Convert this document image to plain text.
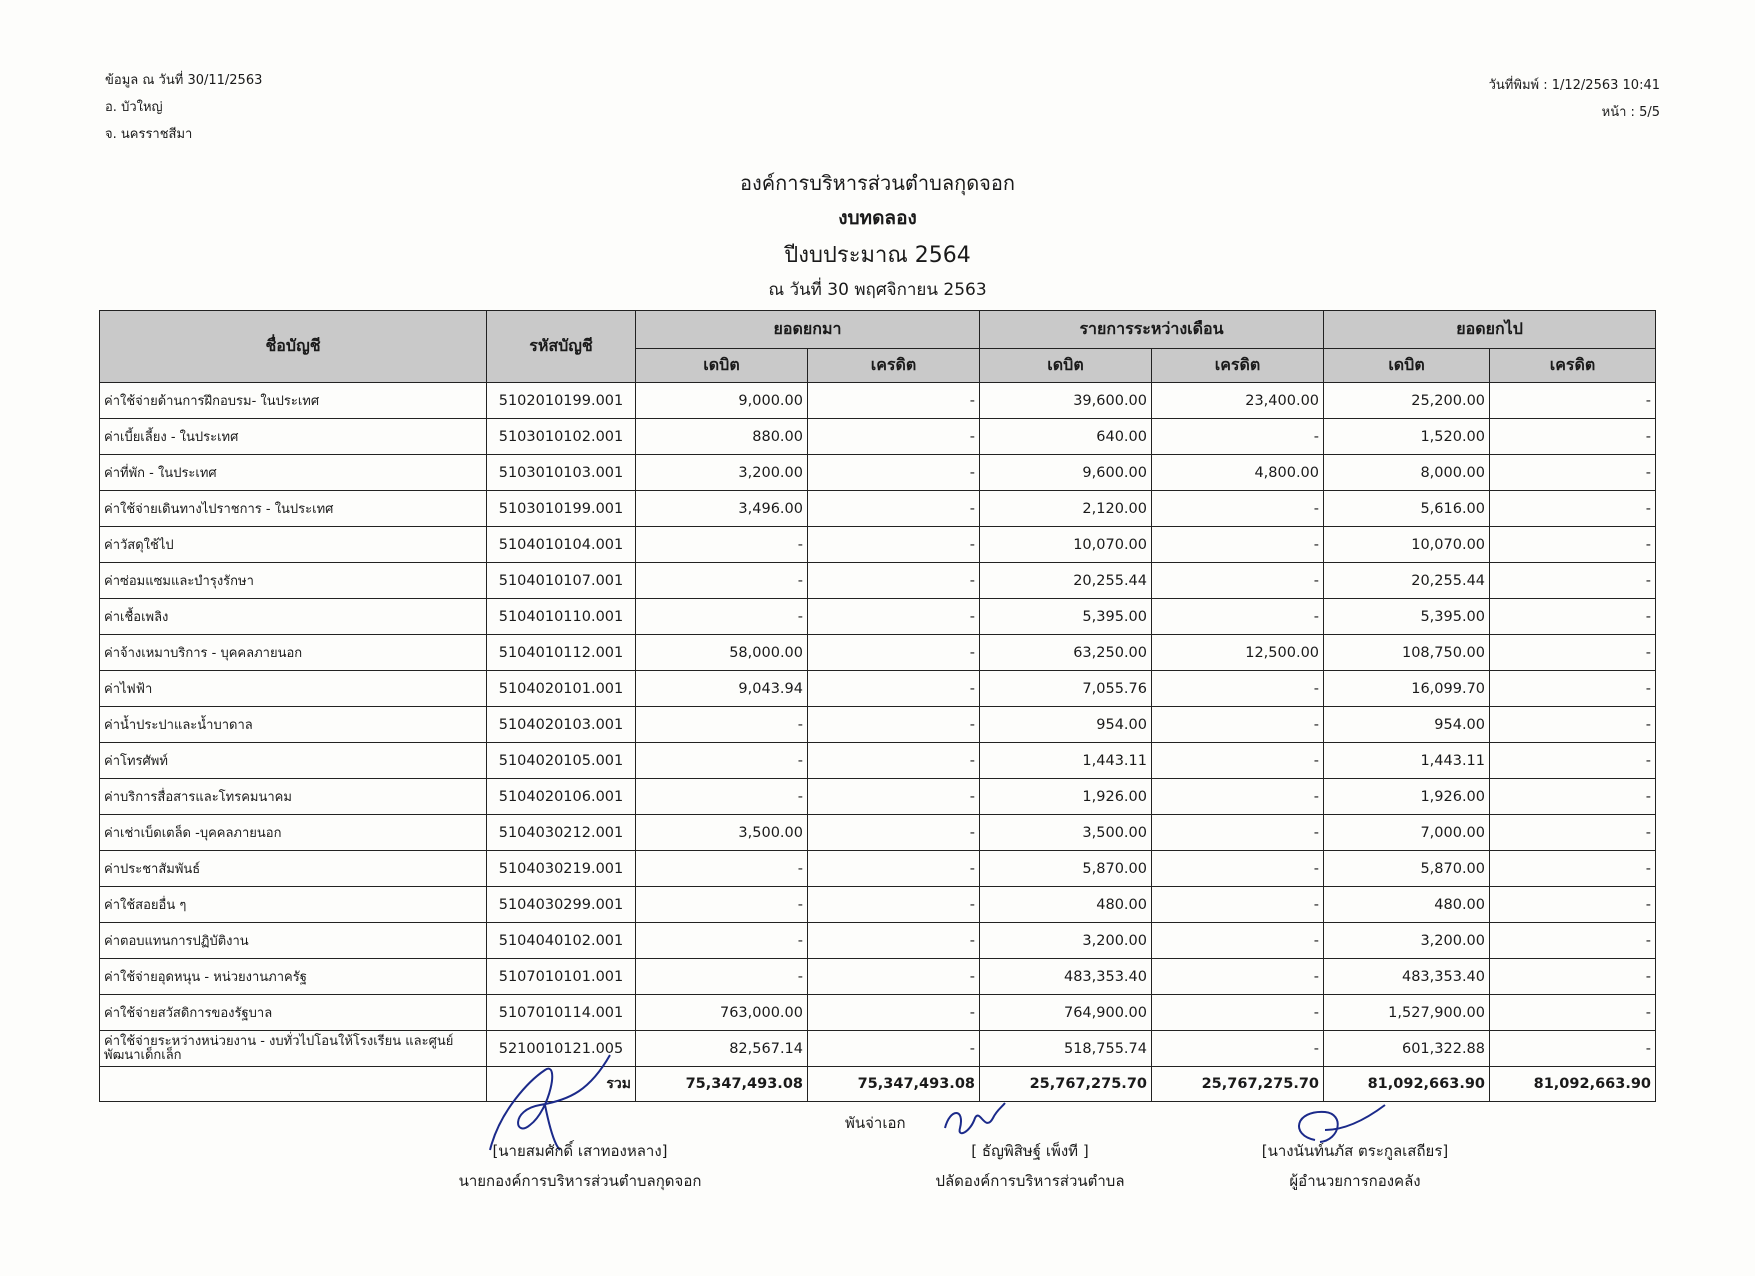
ข้อมูล ณ วันที่ 30/11/2563
อ. บัวใหญ่
จ. นครราชสีมา
วันที่พิมพ์ : 1/12/2563 10:41
หน้า : 5/5
องค์การบริหารส่วนตำบลกุดจอก
งบทดลอง
ปีงบประมาณ 2564
ณ วันที่ 30 พฤศจิกายน 2563
ชื่อบัญชี	รหัสบัญชี	ยอดยกมา		รายการระหว่างเดือน		ยอดยกไป	
		เดบิต	เครดิต	เดบิต	เครดิต	เดบิต	เครดิต
ค่าใช้จ่ายด้านการฝึกอบรม- ในประเทศ	5102010199.001	9,000.00	-	39,600.00	23,400.00	25,200.00	-
ค่าเบี้ยเลี้ยง - ในประเทศ	5103010102.001	880.00	-	640.00	-	1,520.00	-
ค่าที่พัก - ในประเทศ	5103010103.001	3,200.00	-	9,600.00	4,800.00	8,000.00	-
ค่าใช้จ่ายเดินทางไปราชการ - ในประเทศ	5103010199.001	3,496.00	-	2,120.00	-	5,616.00	-
ค่าวัสดุใช้ไป	5104010104.001	-	-	10,070.00	-	10,070.00	-
ค่าซ่อมแซมและบำรุงรักษา	5104010107.001	-	-	20,255.44	-	20,255.44	-
ค่าเชื้อเพลิง	5104010110.001	-	-	5,395.00	-	5,395.00	-
ค่าจ้างเหมาบริการ - บุคคลภายนอก	5104010112.001	58,000.00	-	63,250.00	12,500.00	108,750.00	-
ค่าไฟฟ้า	5104020101.001	9,043.94	-	7,055.76	-	16,099.70	-
ค่าน้ำประปาและน้ำบาดาล	5104020103.001	-	-	954.00	-	954.00	-
ค่าโทรศัพท์	5104020105.001	-	-	1,443.11	-	1,443.11	-
ค่าบริการสื่อสารและโทรคมนาคม	5104020106.001	-	-	1,926.00	-	1,926.00	-
ค่าเช่าเบ็ดเตล็ด -บุคคลภายนอก	5104030212.001	3,500.00	-	3,500.00	-	7,000.00	-
ค่าประชาสัมพันธ์	5104030219.001	-	-	5,870.00	-	5,870.00	-
ค่าใช้สอยอื่น ๆ	5104030299.001	-	-	480.00	-	480.00	-
ค่าตอบแทนการปฏิบัติงาน	5104040102.001	-	-	3,200.00	-	3,200.00	-
ค่าใช้จ่ายอุดหนุน - หน่วยงานภาครัฐ	5107010101.001	-	-	483,353.40	-	483,353.40	-
ค่าใช้จ่ายสวัสดิการของรัฐบาล	5107010114.001	763,000.00	-	764,900.00	-	1,527,900.00	-
ค่าใช้จ่ายระหว่างหน่วยงาน - งบทั่วไปโอนให้โรงเรียน และศูนย์พัฒนาเด็กเล็ก	5210010121.005	82,567.14	-	518,755.74	-	601,322.88	-
	รวม	75,347,493.08	75,347,493.08	25,767,275.70	25,767,275.70	81,092,663.90	81,092,663.90
พันจ่าเอก
[นายสมศักดิ์ เสาทองหลาง]
นายกองค์การบริหารส่วนตำบลกุดจอก
[ ธัญพิสิษฐ์ เพ็งที ]
ปลัดองค์การบริหารส่วนตำบล
[นางนันท์นภัส ตระกูลเสถียร]
ผู้อำนวยการกองคลัง
